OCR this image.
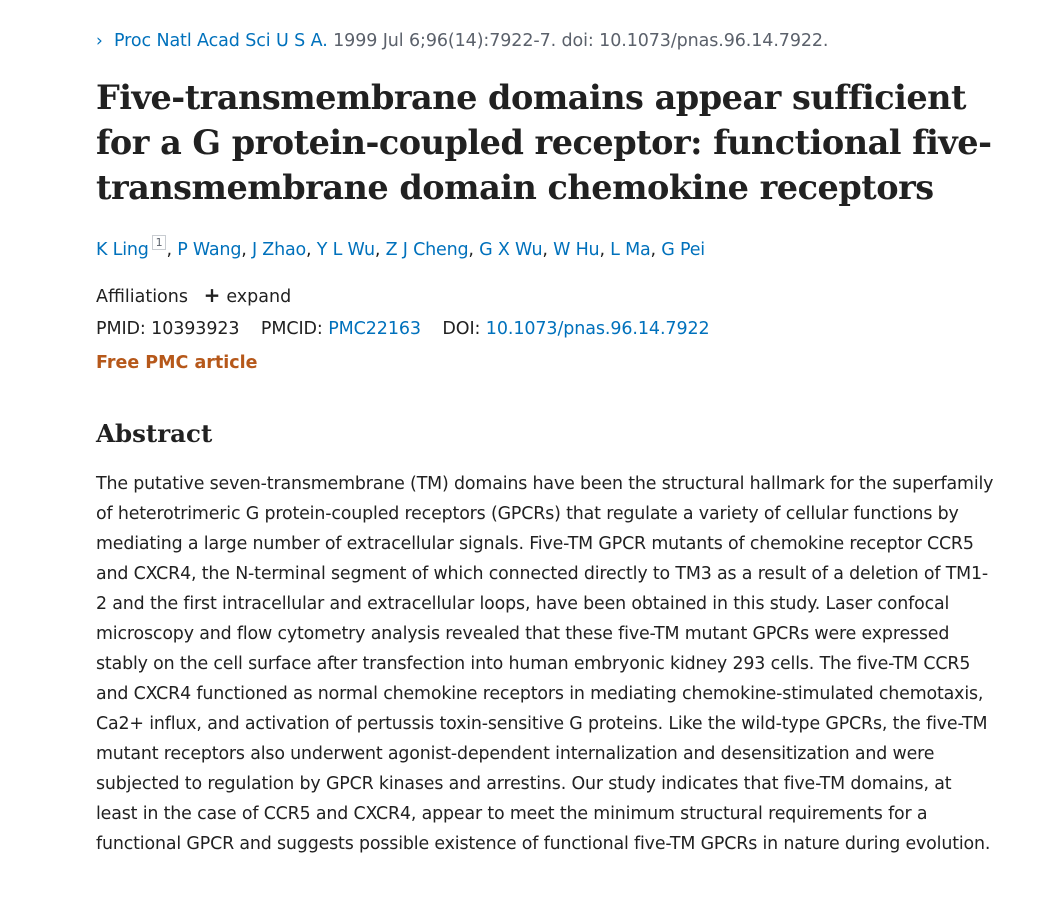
› Proc Natl Acad Sci U S A. 1999 Jul 6;96(14):7922-7. doi: 10.1073/pnas.96.14.7922.
Five-transmembrane domains appear sufficient for a G protein-coupled receptor: functional five-transmembrane domain chemokine receptors
K Ling $^1$ , P Wang, J Zhao, Y L Wu, Z J Cheng, G X Wu, W Hu, L Ma, G Pei
Affiliations + expand
PMID: 10393923 PMCID: PMC22163 DOI: 10.1073/pnas.96.14.7922
Free PMC article
Abstract

The putative seven-transmembrane (TM) domains have been the structural hallmark for the superfamily of heterotrimeric G protein-coupled receptors (GPCRs) that regulate a variety of cellular functions by mediating a large number of extracellular signals. Five-TM GPCR mutants of chemokine receptor CCR5 and CXCR4, the N-terminal segment of which connected directly to TM3 as a result of a deletion of TM1-2 and the first intracellular and extracellular loops, have been obtained in this study. Laser confocal microscopy and flow cytometry analysis revealed that these five-TM mutant GPCRs were expressed stably on the cell surface after transfection into human embryonic kidney 293 cells. The five-TM CCR5 and CXCR4 functioned as normal chemokine receptors in mediating chemokine-stimulated chemotaxis, Ca2+ influx, and activation of pertussis toxin-sensitive G proteins. Like the wild-type GPCRs, the five-TM mutant receptors also underwent agonist-dependent internalization and desensitization and were subjected to regulation by GPCR kinases and arrestins. Our study indicates that five-TM domains, at least in the case of CCR5 and CXCR4, appear to meet the minimum structural requirements for a functional GPCR and suggests possible existence of functional five-TM GPCRs in nature during evolution.
